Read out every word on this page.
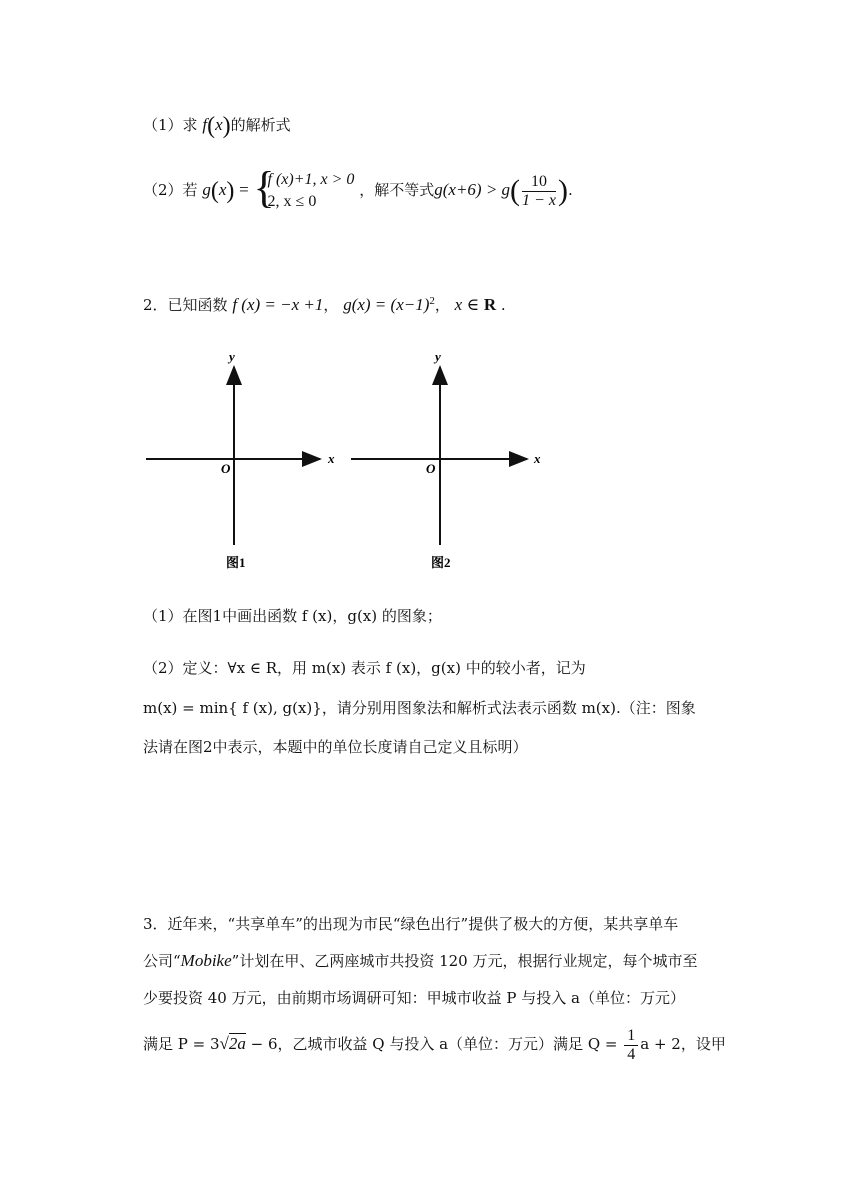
（1）求 f(x)的解析式
（2）若 g(x) = {
f (x)+1, x > 0
2, x ≤ 0
，解不等式$g(x+6) > g( \frac{10}{1 - x}$ ).
2．已知函数 f (x) = −x +1， $g(x) = (x-1)^2$， x ∈ R .
y
x
O
图1
y
x
O
图2
（1）在图1中画出函数 f (x)，g(x) 的图象；
（2）定义：∀x ∈ R，用 m(x) 表示 f (x)，g(x) 中的较小者，记为
m(x) = min{ f (x), g(x)}，请分别用图象法和解析式法表示函数 m(x).（注：图象
法请在图2中表示，本题中的单位长度请自己定义且标明）
3．近年来，“共享单车”的出现为市民“绿色出行”提供了极大的方便，某共享单车
公司“Mobike”计划在甲、乙两座城市共投资 120 万元，根据行业规定，每个城市至
少要投资 40 万元，由前期市场调研可知：甲城市收益 P 与投入 a（单位：万元）
满足 P = 3√2a − 6，乙城市收益 Q 与投入 a（单位：万元）满足 $Q = \frac{1}{4}$ a + 2，设甲
